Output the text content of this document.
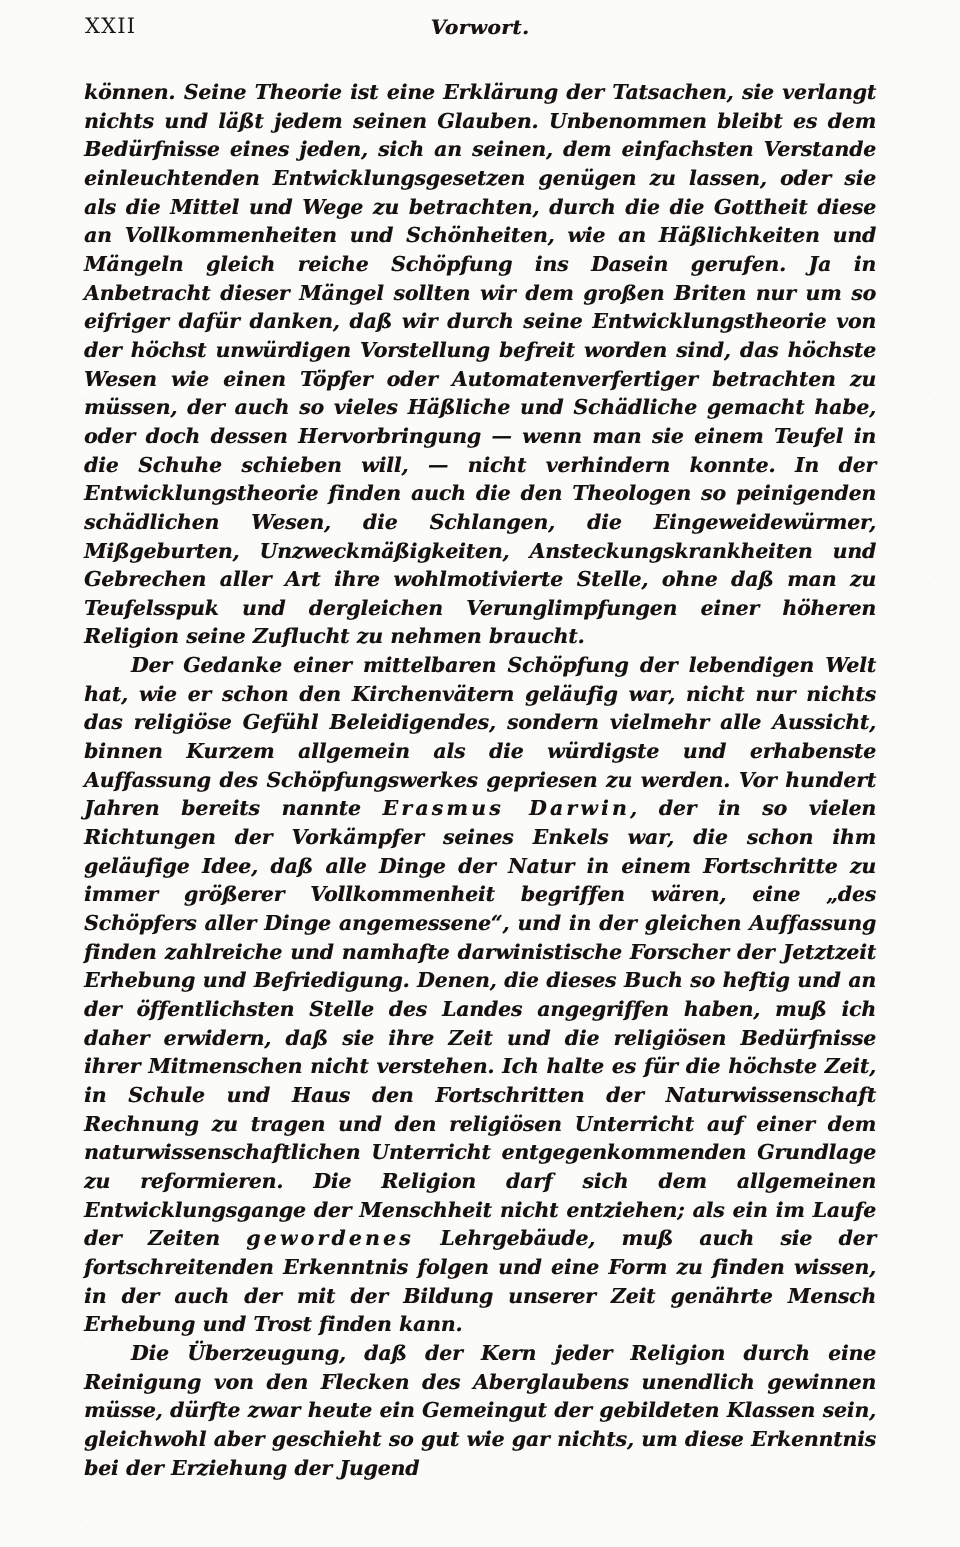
XXII	Vorwort.

können. Seine Theorie ist eine Erklärung der Tatsachen, sie verlangt nichts und läßt jedem seinen Glauben. Unbenommen bleibt es dem Bedürfnisse eines jeden, sich an seinen, dem einfachsten Verstande einleuchtenden Entwicklungsgesetzen genügen zu lassen, oder sie als die Mittel und Wege zu betrachten, durch die die Gottheit diese an Vollkommenheiten und Schönheiten, wie an Häßlichkeiten und Mängeln gleich reiche Schöpfung ins Dasein gerufen. Ja in Anbetracht dieser Mängel sollten wir dem großen Briten nur um so eifriger dafür danken, daß wir durch seine Entwicklungstheorie von der höchst unwürdigen Vorstellung befreit worden sind, das höchste Wesen wie einen Töpfer oder Automatenverfertiger betrachten zu müssen, der auch so vieles Häßliche und Schädliche gemacht habe, oder doch dessen Hervorbringung — wenn man sie einem Teufel in die Schuhe schieben will, — nicht verhindern konnte. In der Entwicklungstheorie finden auch die den Theologen so peinigenden schädlichen Wesen, die Schlangen, die Eingeweidewürmer, Mißgeburten, Unzweckmäßigkeiten, Ansteckungskrankheiten und Gebrechen aller Art ihre wohlmotivierte Stelle, ohne daß man zu Teufelsspuk und dergleichen Verunglimpfungen einer höheren Religion seine Zuflucht zu nehmen braucht.

Der Gedanke einer mittelbaren Schöpfung der lebendigen Welt hat, wie er schon den Kirchenvätern geläufig war, nicht nur nichts das religiöse Gefühl Beleidigendes, sondern vielmehr alle Aussicht, binnen Kurzem allgemein als die würdigste und erhabenste Auffassung des Schöpfungswerkes gepriesen zu werden. Vor hundert Jahren bereits nannte Erasmus Darwin, der in so vielen Richtungen der Vorkämpfer seines Enkels war, die schon ihm geläufige Idee, daß alle Dinge der Natur in einem Fortschritte zu immer größerer Vollkommenheit begriffen wären, eine „des Schöpfers aller Dinge angemessene“, und in der gleichen Auffassung finden zahlreiche und namhafte darwinistische Forscher der Jetztzeit Erhebung und Befriedigung. Denen, die dieses Buch so heftig und an der öffentlichsten Stelle des Landes angegriffen haben, muß ich daher erwidern, daß sie ihre Zeit und die religiösen Bedürfnisse ihrer Mitmenschen nicht verstehen. Ich halte es für die höchste Zeit, in Schule und Haus den Fortschritten der Naturwissenschaft Rechnung zu tragen und den religiösen Unterricht auf einer dem naturwissenschaftlichen Unterricht entgegenkommenden Grundlage zu reformieren. Die Religion darf sich dem allgemeinen Entwicklungsgange der Menschheit nicht entziehen; als ein im Laufe der Zeiten gewordenes Lehrgebäude, muß auch sie der fortschreitenden Erkenntnis folgen und eine Form zu finden wissen, in der auch der mit der Bildung unserer Zeit genährte Mensch Erhebung und Trost finden kann.

Die Überzeugung, daß der Kern jeder Religion durch eine Reinigung von den Flecken des Aberglaubens unendlich gewinnen müsse, dürfte zwar heute ein Gemeingut der gebildeten Klassen sein, gleichwohl aber geschieht so gut wie gar nichts, um diese Erkenntnis bei der Erziehung der Jugend
